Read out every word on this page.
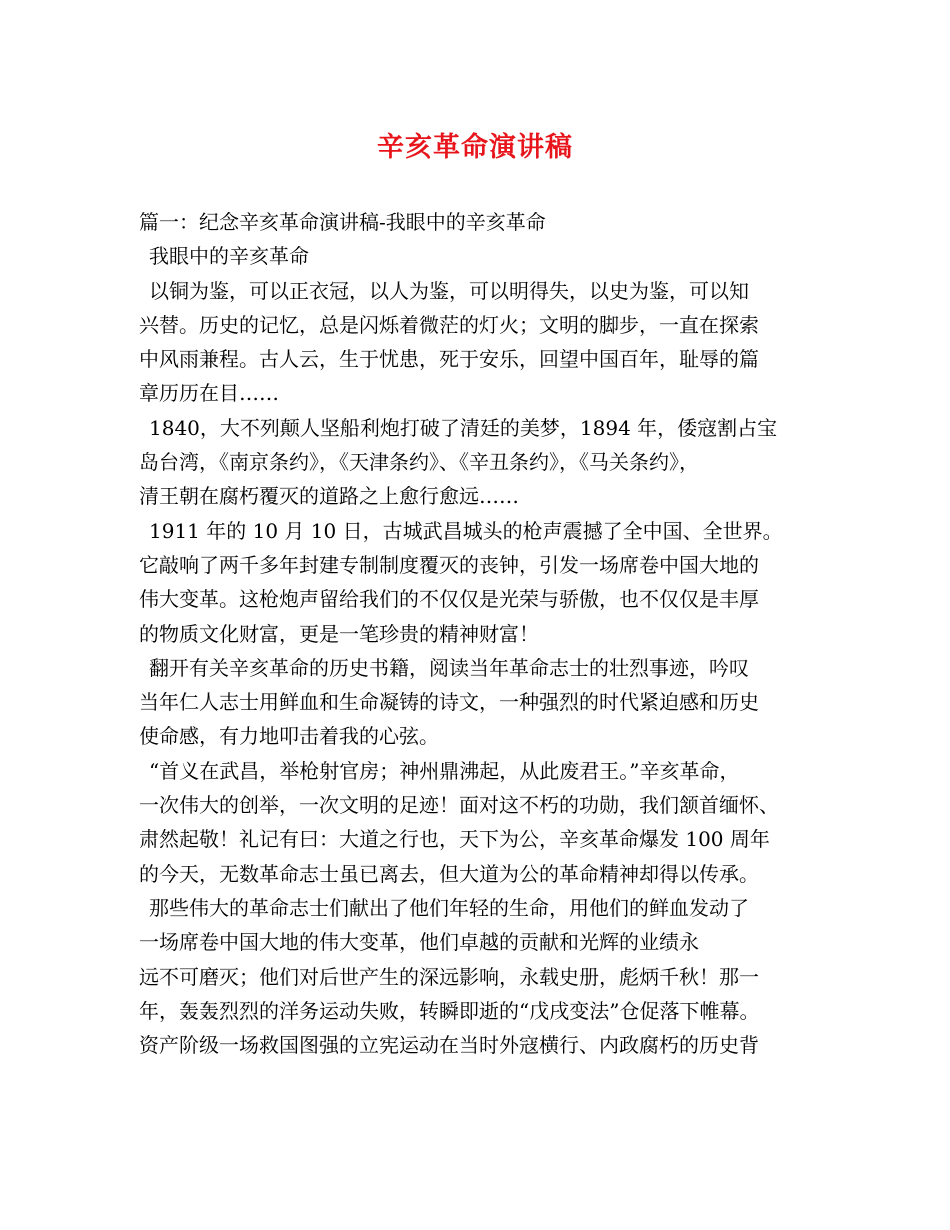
辛亥革命演讲稿
篇一：纪念辛亥革命演讲稿-我眼中的辛亥革命
我眼中的辛亥革命
以铜为鉴，可以正衣冠，以人为鉴，可以明得失，以史为鉴，可以知
兴替。历史的记忆，总是闪烁着微茫的灯火；文明的脚步，一直在探索
中风雨兼程。古人云，生于忧患，死于安乐，回望中国百年，耻辱的篇
章历历在目……
1840，大不列颠人坚船利炮打破了清廷的美梦，1894 年，倭寇割占宝
岛台湾，《南京条约》，《天津条约》、《辛丑条约》，《马关条约》，
清王朝在腐朽覆灭的道路之上愈行愈远……
1911 年的 10 月 10 日，古城武昌城头的枪声震撼了全中国、全世界。
它敲响了两千多年封建专制制度覆灭的丧钟，引发一场席卷中国大地的
伟大变革。这枪炮声留给我们的不仅仅是光荣与骄傲，也不仅仅是丰厚
的物质文化财富，更是一笔珍贵的精神财富！
翻开有关辛亥革命的历史书籍，阅读当年革命志士的壮烈事迹，吟叹
当年仁人志士用鲜血和生命凝铸的诗文，一种强烈的时代紧迫感和历史
使命感，有力地叩击着我的心弦。
“首义在武昌，举枪射官房；神州鼎沸起，从此废君王。”辛亥革命，
一次伟大的创举，一次文明的足迹！面对这不朽的功勋，我们颔首缅怀、
肃然起敬！礼记有曰：大道之行也，天下为公，辛亥革命爆发 100 周年
的今天，无数革命志士虽已离去，但大道为公的革命精神却得以传承。
那些伟大的革命志士们献出了他们年轻的生命，用他们的鲜血发动了
一场席卷中国大地的伟大变革，他们卓越的贡献和光辉的业绩永
远不可磨灭；他们对后世产生的深远影响，永载史册，彪炳千秋！那一
年，轰轰烈烈的洋务运动失败，转瞬即逝的“戊戌变法”仓促落下帷幕。
资产阶级一场救国图强的立宪运动在当时外寇横行、内政腐朽的历史背
